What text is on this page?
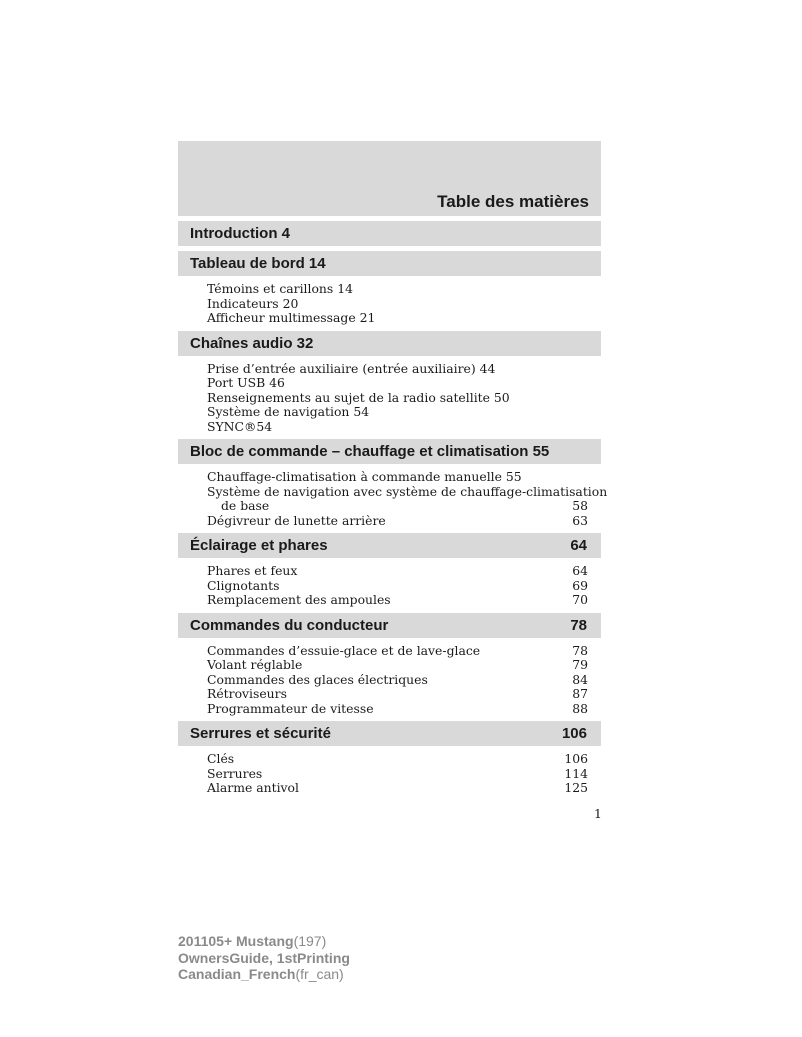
Table des matières
Introduction 4
Tableau de bord 14
Témoins et carillons 14
Indicateurs 20
Afficheur multimessage 21
Chaînes audio 32
Prise d’entrée auxiliaire (entrée auxiliaire) 44
Port USB 46
Renseignements au sujet de la radio satellite 50
Système de navigation 54
SYNC®54
Bloc de commande – chauffage et climatisation 55
Chauffage-climatisation à commande manuelle 55
Système de navigation avec système de chauffage-climatisation
de base	58
Dégivreur de lunette arrière	63
Éclairage et phares	64
Phares et feux	64
Clignotants	69
Remplacement des ampoules	70
Commandes du conducteur	78
Commandes d’essuie-glace et de lave-glace	78
Volant réglable	79
Commandes des glaces électriques	84
Rétroviseurs	87
Programmateur de vitesse	88
Serrures et sécurité	106
Clés	106
Serrures	114
Alarme antivol	125
1
201105+ Mustang(197)
OwnersGuide, 1stPrinting
Canadian_French(fr_can)
